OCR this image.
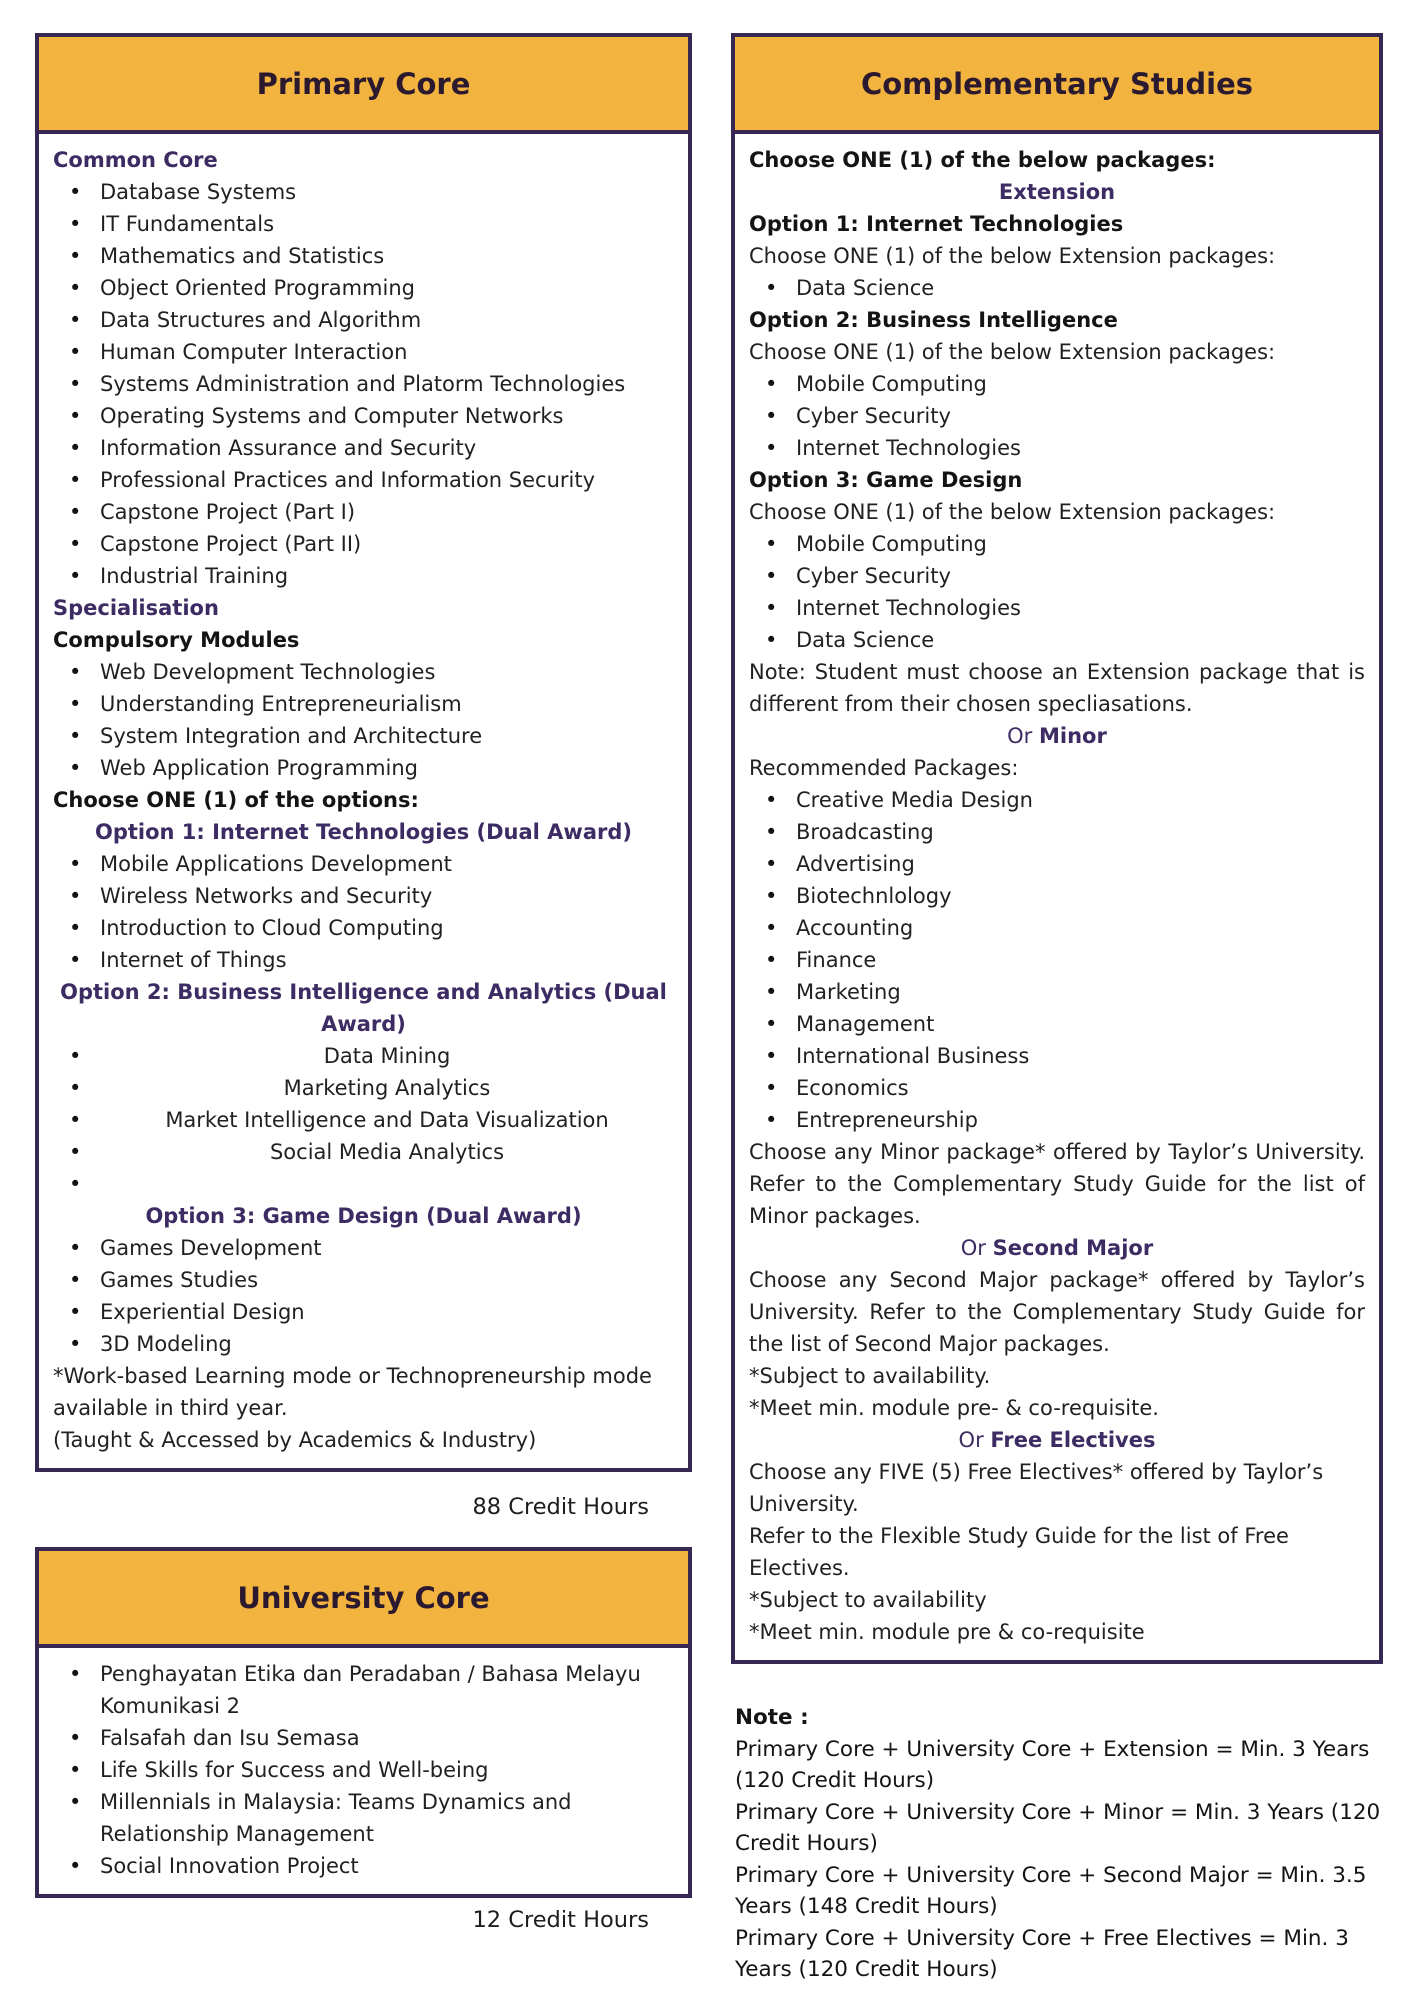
Primary Core
Common Core
• Database Systems
• IT Fundamentals
• Mathematics and Statistics
• Object Oriented Programming
• Data Structures and Algorithm
• Human Computer Interaction
• Systems Administration and Platorm Technologies
• Operating Systems and Computer Networks
• Information Assurance and Security
• Professional Practices and Information Security
• Capstone Project (Part I)
• Capstone Project (Part II)
• Industrial Training
Specialisation
Compulsory Modules
• Web Development Technologies
• Understanding Entrepreneurialism
• System Integration and Architecture
• Web Application Programming
Choose ONE (1) of the options:
Option 1: Internet Technologies (Dual Award)
• Mobile Applications Development
• Wireless Networks and Security
• Introduction to Cloud Computing
• Internet of Things
Option 2: Business Intelligence and Analytics (Dual Award)
• Data Mining
• Marketing Analytics
• Market Intelligence and Data Visualization
• Social Media Analytics
•
Option 3: Game Design (Dual Award)
• Games Development
• Games Studies
• Experiential Design
• 3D Modeling
*Work-based Learning mode or Technopreneurship mode available in third year.
(Taught & Accessed by Academics & Industry)
88 Credit Hours
University Core
• Penghayatan Etika dan Peradaban / Bahasa Melayu Komunikasi 2
• Falsafah dan Isu Semasa
• Life Skills for Success and Well-being
• Millennials in Malaysia: Teams Dynamics and Relationship Management
• Social Innovation Project
12 Credit Hours
Complementary Studies
Choose ONE (1) of the below packages:
Extension
Option 1: Internet Technologies
Choose ONE (1) of the below Extension packages:
• Data Science
Option 2: Business Intelligence
Choose ONE (1) of the below Extension packages:
• Mobile Computing
• Cyber Security
• Internet Technologies
Option 3: Game Design
Choose ONE (1) of the below Extension packages:
• Mobile Computing
• Cyber Security
• Internet Technologies
• Data Science
Note: Student must choose an Extension package that is different from their chosen specliasations.
Or Minor
Recommended Packages:
• Creative Media Design
• Broadcasting
• Advertising
• Biotechnlology
• Accounting
• Finance
• Marketing
• Management
• International Business
• Economics
• Entrepreneurship
Choose any Minor package* offered by Taylor’s University. Refer to the Complementary Study Guide for the list of Minor packages.
Or Second Major
Choose any Second Major package* offered by Taylor’s University. Refer to the Complementary Study Guide for the list of Second Major packages.
*Subject to availability.
*Meet min. module pre- & co-requisite.
Or Free Electives
Choose any FIVE (5) Free Electives* offered by Taylor’s University.
Refer to the Flexible Study Guide for the list of Free Electives.
*Subject to availability
*Meet min. module pre & co-requisite
Note :
Primary Core + University Core + Extension = Min. 3 Years (120 Credit Hours)
Primary Core + University Core + Minor = Min. 3 Years (120 Credit Hours)
Primary Core + University Core + Second Major = Min. 3.5 Years (148 Credit Hours)
Primary Core + University Core + Free Electives = Min. 3 Years (120 Credit Hours)
